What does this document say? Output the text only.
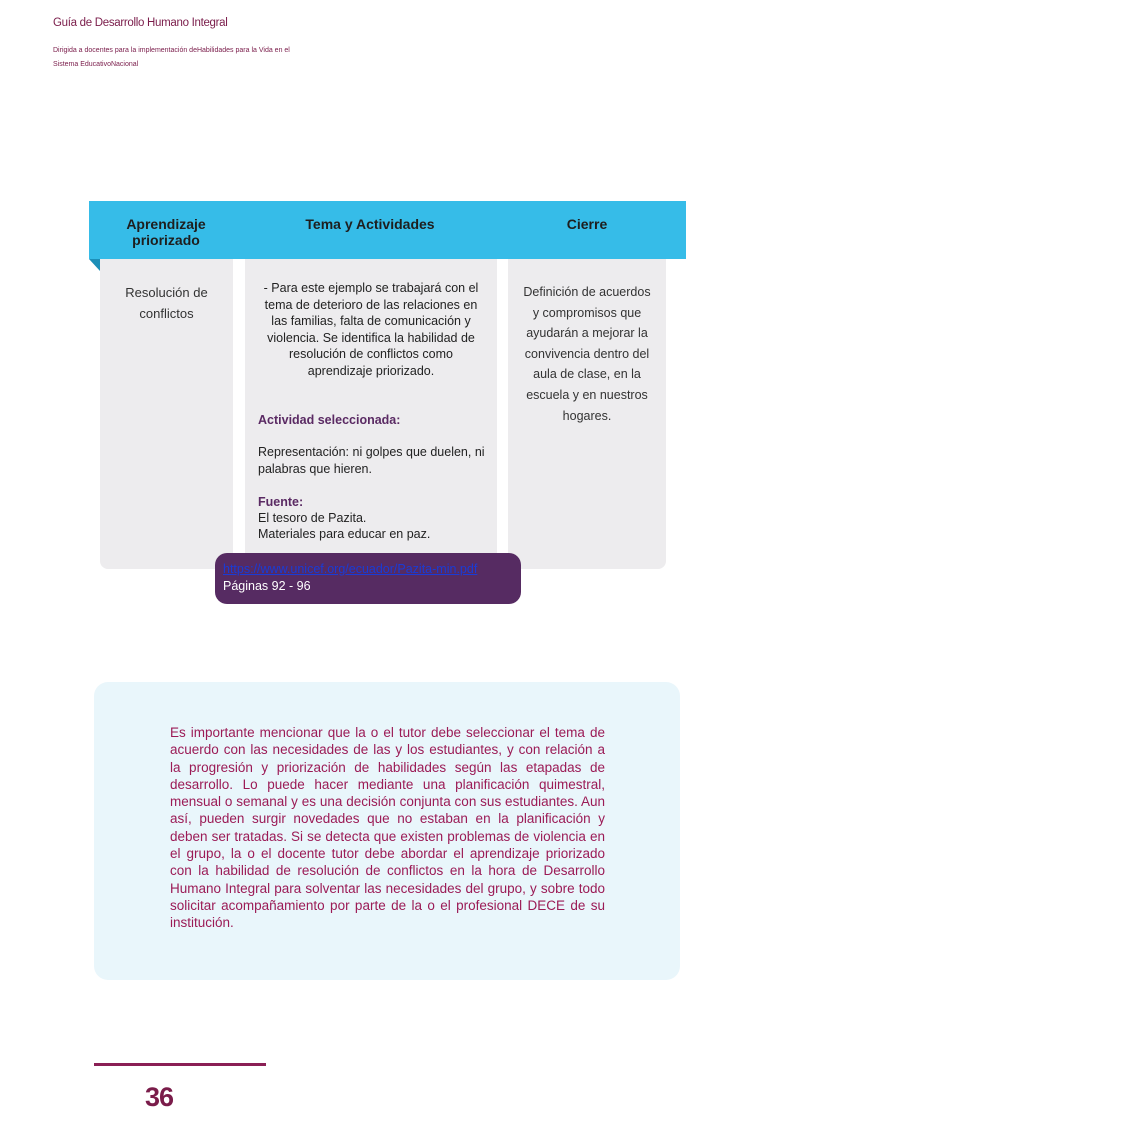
Guía de Desarrollo Humano Integral
Dirigida a docentes para la implementación deHabilidades para la Vida en el Sistema EducativoNacional
Aprendizaje priorizado
Tema y Actividades	Cierre
Resolución de conflictos
- Para este ejemplo se trabajará con el tema de deterioro de las relaciones en las familias, falta de comunicación y violencia. Se identifica la habilidad de resolución de conflictos como aprendizaje priorizado.
Actividad seleccionada:
Representación: ni golpes que duelen, ni palabras que hieren.
Fuente:
El tesoro de Pazita.
Materiales para educar en paz.
Definición de acuerdos y compromisos que ayudarán a mejorar la convivencia dentro del aula de clase, en la escuela y en nuestros hogares.
https://www.unicef.org/ecuador/Pazita-min.pdf
Páginas 92 - 96
Es importante mencionar que la o el tutor debe seleccionar el tema de acuerdo con las necesidades de las y los estudiantes, y con relación a la progresión y priorización de habilidades según las etapadas de desarrollo. Lo puede hacer mediante una planificación quimestral, mensual o semanal y es una decisión conjunta con sus estudiantes. Aun así, pueden surgir novedades que no estaban en la planificación y deben ser tratadas. Si se detecta que existen problemas de violencia en el grupo, la o el docente tutor debe abordar el aprendizaje priorizado con la habilidad de resolución de conflictos en la hora de Desarrollo Humano Integral para solventar las necesidades del grupo, y sobre todo solicitar acompañamiento por parte de la o el profesional DECE de su institución.
36
